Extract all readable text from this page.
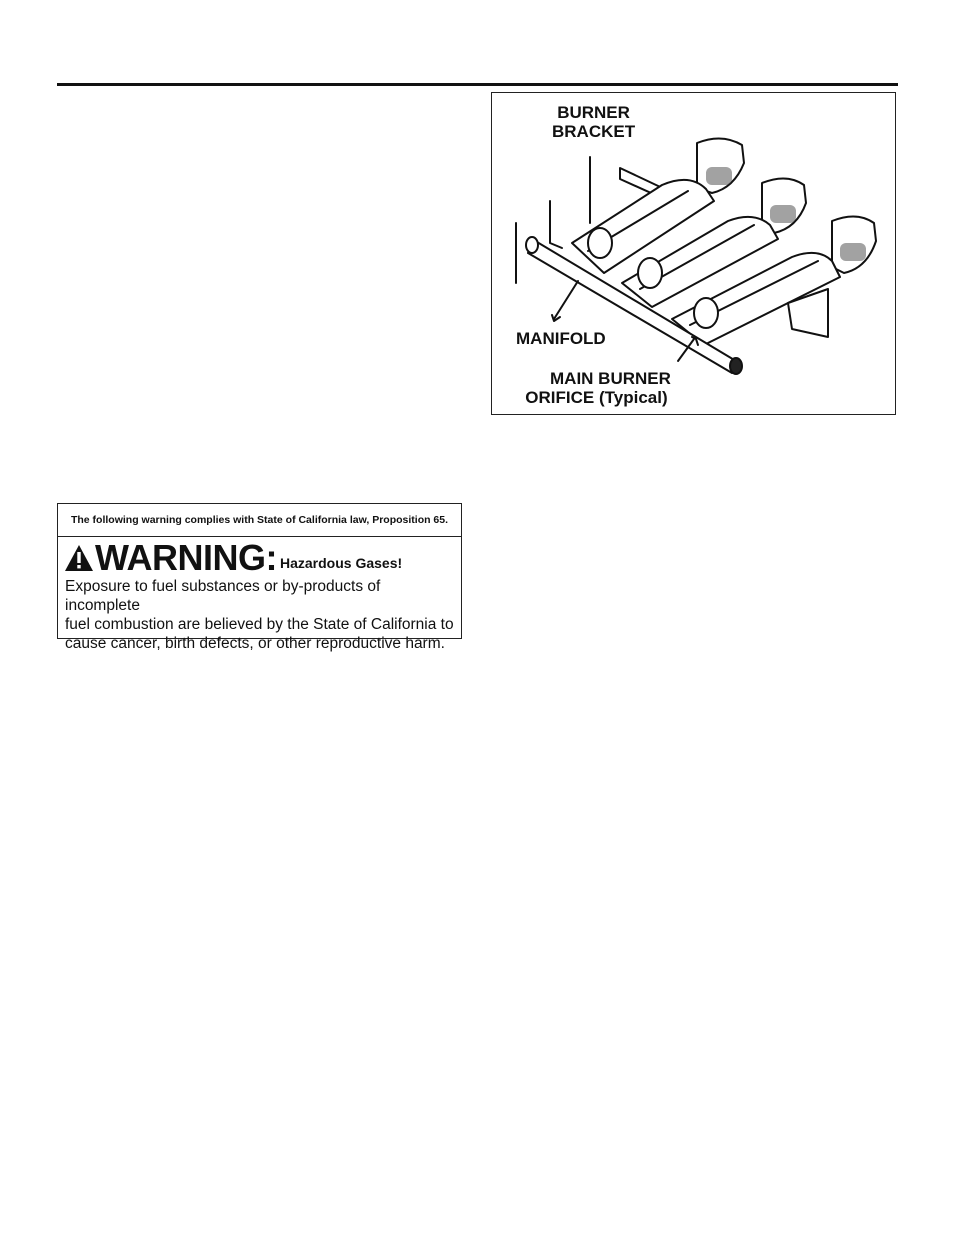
BURNER
BRACKET
MANIFOLD
MAIN BURNER
ORIFICE (Typical)
The following warning complies with State of California law, Proposition 65.
WARNING: Hazardous Gases!
Exposure to fuel substances or by-products of incomplete
fuel combustion are believed by the State of California to
cause cancer, birth defects, or other reproductive harm.
